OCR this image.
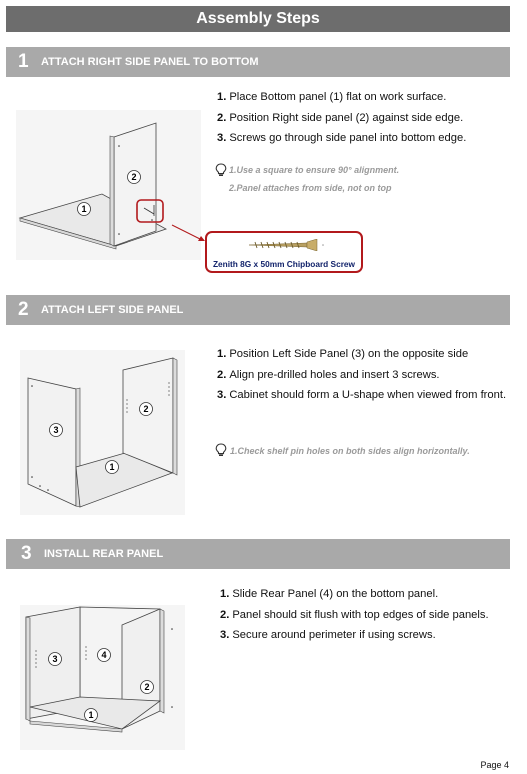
Assembly Steps
1 ATTACH RIGHT SIDE PANEL TO BOTTOM
1
2
1. Place Bottom panel (1) flat on work surface.
2. Position Right side panel (2) against side edge.
3. Screws go through side panel into bottom edge.
1.Use a square to ensure 90° alignment.
2.Panel attaches from side, not on top
Zenith 8G x 50mm Chipboard Screw
2 ATTACH LEFT SIDE PANEL
3
2
1
1. Position Left Side Panel (3) on the opposite side
2. Align pre-drilled holes and insert 3 screws.
3. Cabinet should form a U-shape when viewed from front.
1.Check shelf pin holes on both sides align horizontally.
3 INSTALL REAR PANEL
3	4
2
1
1. Slide Rear Panel (4) on the bottom panel.
2. Panel should sit flush with top edges of side panels.
3. Secure around perimeter if using screws.
Page 4
